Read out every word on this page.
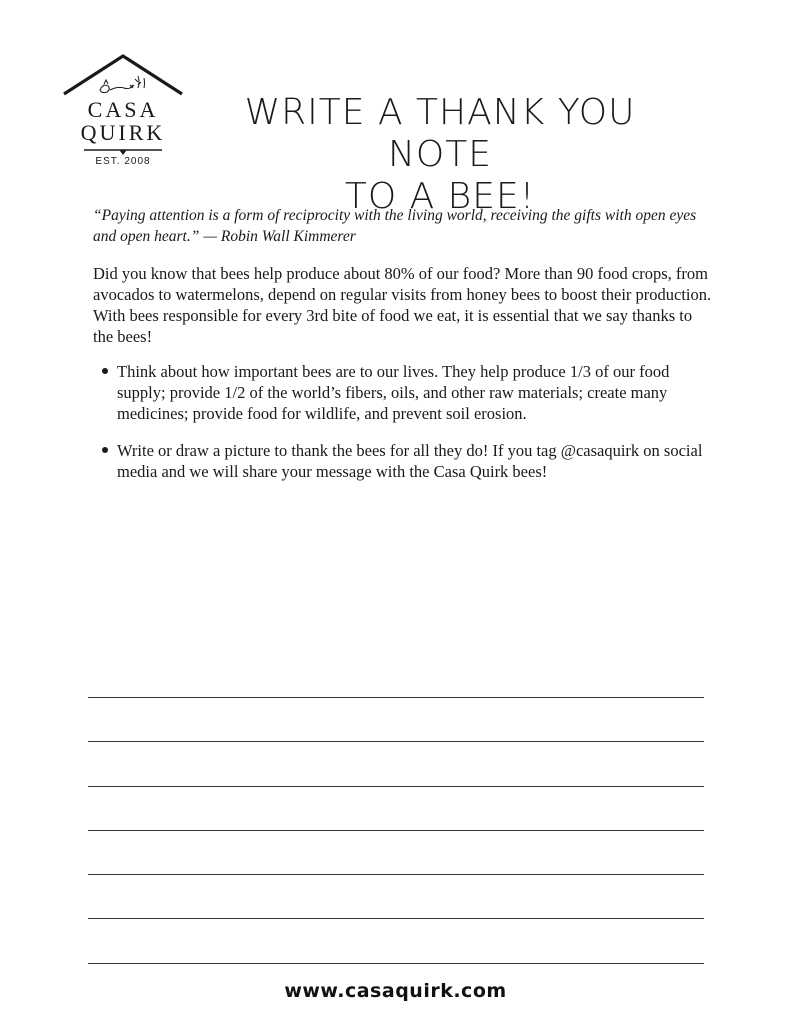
CASA
QUIRK
EST. 2008
WRITE A THANK YOU NOTE
TO A BEE!
“Paying attention is a form of reciprocity with the living world, receiving the gifts with open eyes and open heart.” — Robin Wall Kimmerer
Did you know that bees help produce about 80% of our food? More than 90 food crops, from avocados to watermelons, depend on regular visits from honey bees to boost their production. With bees responsible for every 3rd bite of food we eat, it is essential that we say thanks to the bees!
Think about how important bees are to our lives. They help produce 1/3 of our food supply; provide 1/2 of the world’s fibers, oils, and other raw materials; create many medicines; provide food for wildlife, and prevent soil erosion.
Write or draw a picture to thank the bees for all they do! If you tag @casaquirk on social media and we will share your message with the Casa Quirk bees!
www.casaquirk.com
